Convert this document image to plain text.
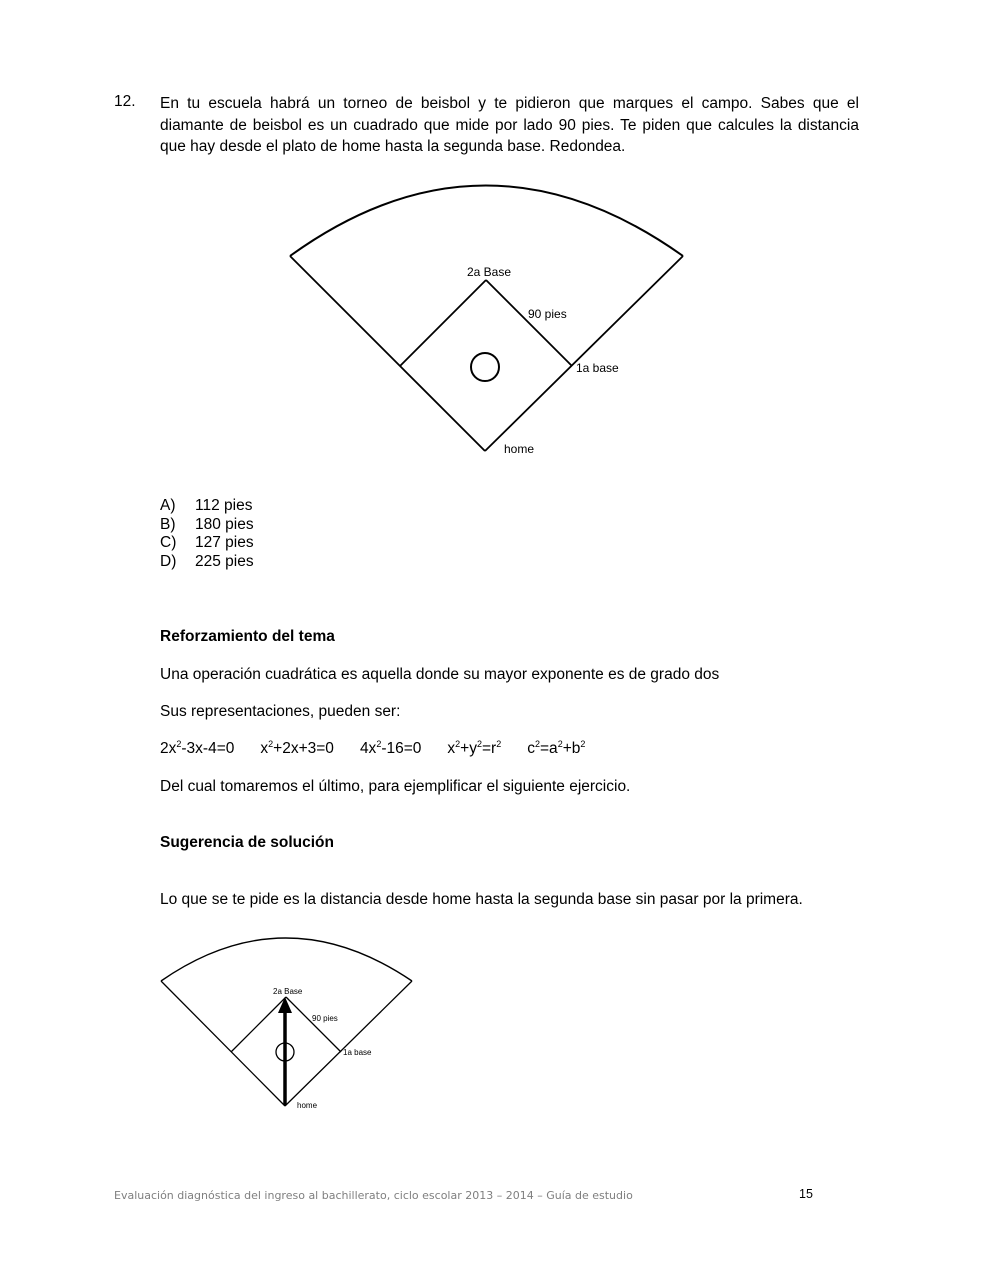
12. En tu escuela habrá un torneo de beisbol y te pidieron que marques el campo. Sabes que el diamante de beisbol es un cuadrado que mide por lado 90 pies. Te piden que calcules la distancia que hay desde el plato de home hasta la segunda base. Redondea.
2a Base
90 pies
1a base
home
A)	112 pies
B)	180 pies
C)	127 pies
D)	225 pies
Reforzamiento del tema
Una operación cuadrática es aquella donde su mayor exponente es de grado dos
Sus representaciones, pueden ser:
$2x^2-3x-4=0$ $x^2+2x+3=0$ $4x^2-16=0$ $x^2+y^2=r^2$ $c^2=a^2+b^2$
Del cual tomaremos el último, para ejemplificar el siguiente ejercicio.
Sugerencia de solución
Lo que se te pide es la distancia desde home hasta la segunda base sin pasar por la primera.
2a Base
90 pies
1a base
home
Evaluación diagnóstica del ingreso al bachillerato, ciclo escolar 2013 – 2014 – Guía de estudio	15
